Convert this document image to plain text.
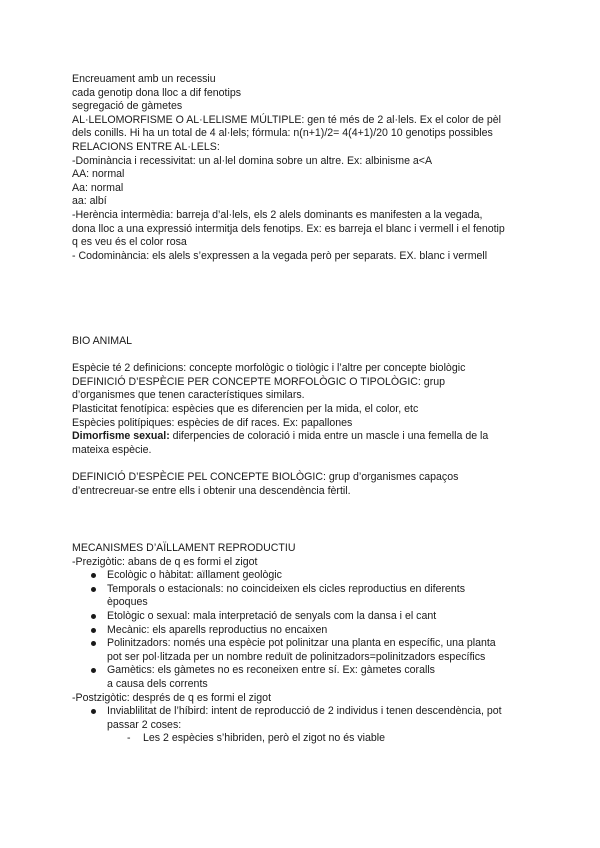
Encreuament amb un recessiu
cada genotip dona lloc a dif fenotips
segregació de gàmetes
AL·LELOMORFISME O AL·LELISME MÚLTIPLE: gen té més de 2 al·lels. Ex el color de pèl
dels conills. Hi ha un total de 4 al·lels; fórmula: n(n+1)/2= 4(4+1)/20 10 genotips possibles
RELACIONS ENTRE AL·LELS:
-Dominància i recessivitat: un al·lel domina sobre un altre. Ex: albinisme a<A
AA: normal
Aa: normal
aa: albí
-Herència intermèdia: barreja d’al·lels, els 2 alels dominants es manifesten a la vegada,
dona lloc a una expressió intermitja dels fenotips. Ex: es barreja el blanc i vermell i el fenotip
q es veu és el color rosa
- Codominància: els alels s’expressen a la vegada però per separats. EX. blanc i vermell
BIO ANIMAL
Espècie té 2 definicions: concepte morfològic o tiològic i l’altre per concepte biològic
DEFINICIÓ D’ESPÈCIE PER CONCEPTE MORFOLÒGIC O TIPOLÒGIC: grup
d’organismes que tenen característiques similars.
Plasticitat fenotípica: espècies que es diferencien per la mida, el color, etc
Espècies politípiques: espècies de dif races. Ex: papallones
Dimorfisme sexual: diferpencies de coloració i mida entre un mascle i una femella de la
mateixa espècie.
DEFINICIÓ D’ESPÈCIE PEL CONCEPTE BIOLÒGIC: grup d’organismes capaços
d’entrecreuar-se entre ells i obtenir una descendència fèrtil.
MECANISMES D’AÏLLAMENT REPRODUCTIU
-Prezigòtic: abans de q es formi el zigot
Ecològic o hàbitat: aïllament geològic
Temporals o estacionals: no coincideixen els cicles reproductius en diferents
èpoques
Etològic o sexual: mala interpretació de senyals com la dansa i el cant
Mecànic: els aparells reproductius no encaixen
Polinitzadors: només una espècie pot polinitzar una planta en específic, una planta
pot ser pol·litzada per un nombre reduït de polinitzadors=polinitzadors específics
Gamètics: els gàmetes no es reconeixen entre sí. Ex: gàmetes coralls
a causa dels corrents
-Postzigòtic: després de q es formi el zigot
Inviablilitat de l’híbird: intent de reproducció de 2 individus i tenen descendència, pot
passar 2 coses:
- Les 2 espècies s’hibriden, però el zigot no és viable
